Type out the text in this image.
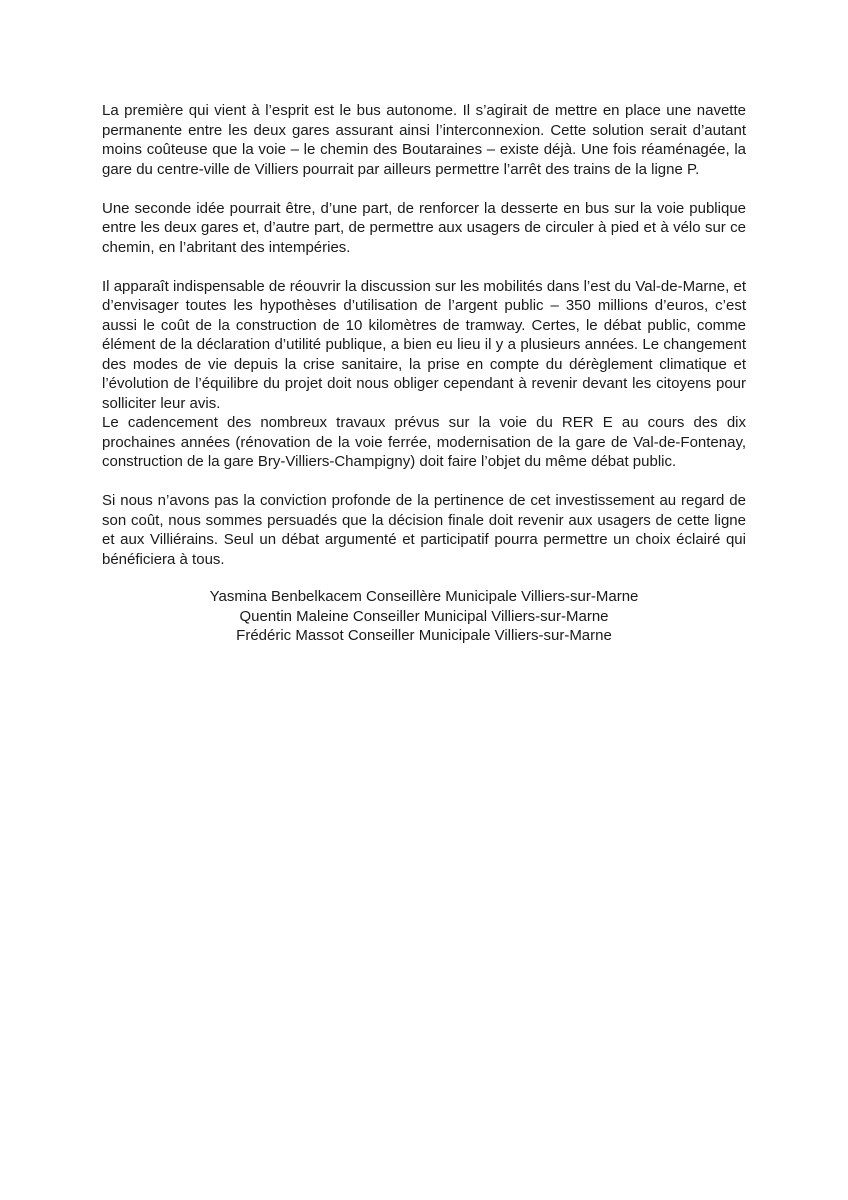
La première qui vient à l’esprit est le bus autonome. Il s’agirait de mettre en place une navette permanente entre les deux gares assurant ainsi l’interconnexion. Cette solution serait d’autant moins coûteuse que la voie – le chemin des Boutaraines – existe déjà. Une fois réaménagée, la gare du centre-ville de Villiers pourrait par ailleurs permettre l’arrêt des trains de la ligne P.

Une seconde idée pourrait être, d’une part, de renforcer la desserte en bus sur la voie publique entre les deux gares et, d’autre part, de permettre aux usagers de circuler à pied et à vélo sur ce chemin, en l’abritant des intempéries.

Il apparaît indispensable de réouvrir la discussion sur les mobilités dans l’est du Val-de-Marne, et d’envisager toutes les hypothèses d’utilisation de l’argent public – 350 millions d’euros, c’est aussi le coût de la construction de 10 kilomètres de tramway. Certes, le débat public, comme élément de la déclaration d’utilité publique, a bien eu lieu il y a plusieurs années. Le changement des modes de vie depuis la crise sanitaire, la prise en compte du dérèglement climatique et l’évolution de l’équilibre du projet doit nous obliger cependant à revenir devant les citoyens pour solliciter leur avis.

Le cadencement des nombreux travaux prévus sur la voie du RER E au cours des dix prochaines années (rénovation de la voie ferrée, modernisation de la gare de Val-de-Fontenay, construction de la gare Bry-Villiers-Champigny) doit faire l’objet du même débat public.

Si nous n’avons pas la conviction profonde de la pertinence de cet investissement au regard de son coût, nous sommes persuadés que la décision finale doit revenir aux usagers de cette ligne et aux Villiérains. Seul un débat argumenté et participatif pourra permettre un choix éclairé qui bénéficiera à tous.

Yasmina Benbelkacem Conseillère Municipale Villiers-sur-Marne
Quentin Maleine Conseiller Municipal Villiers-sur-Marne
Frédéric Massot Conseiller Municipale Villiers-sur-Marne
